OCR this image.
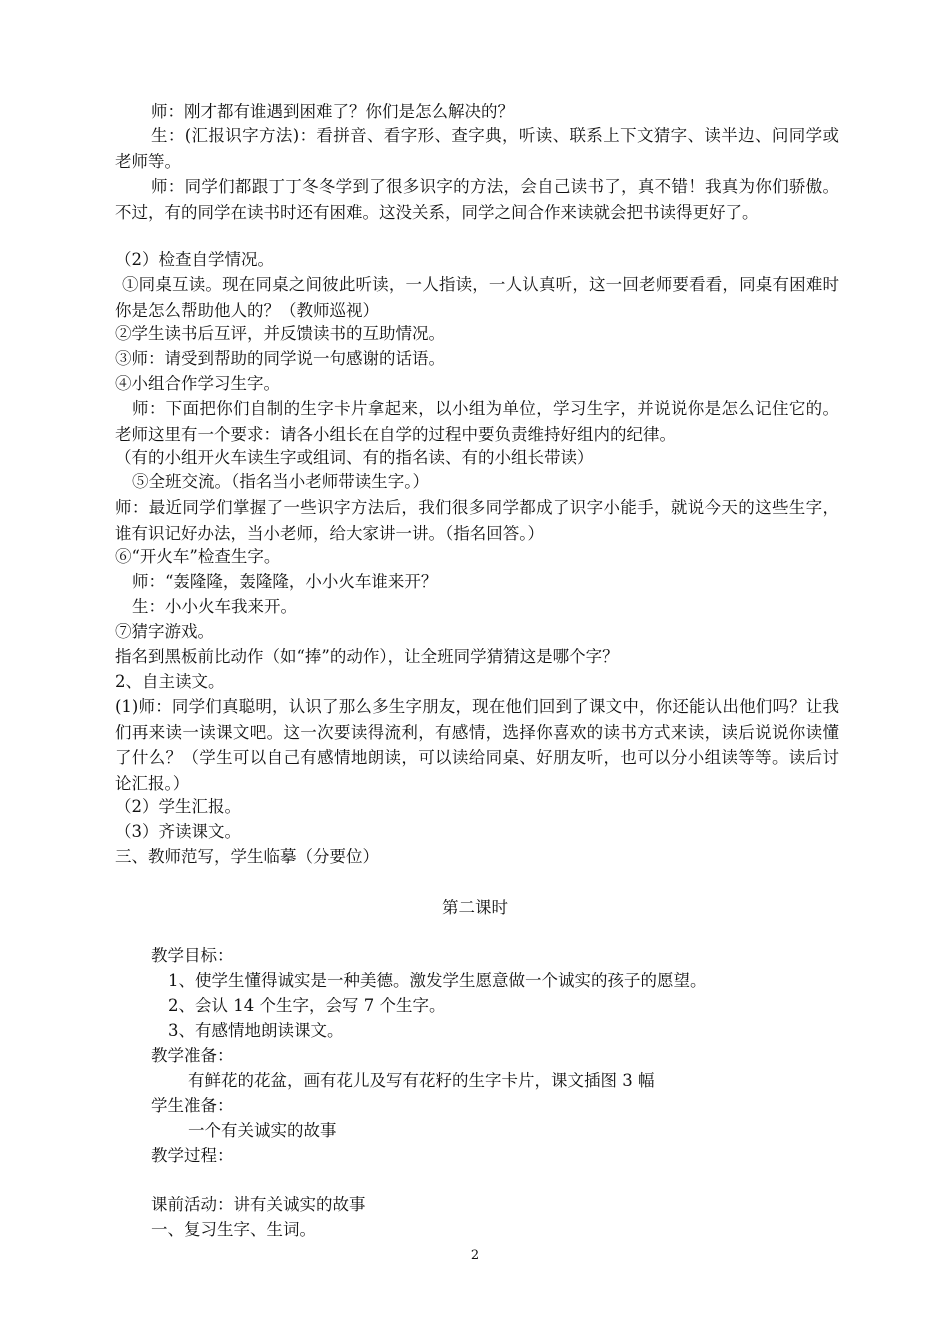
师：刚才都有谁遇到困难了？你们是怎么解决的？

生：(汇报识字方法)：看拼音、看字形、查字典，听读、联系上下文猜字、读半边、问同学或老师等。

师：同学们都跟丁丁冬冬学到了很多识字的方法，会自己读书了，真不错！我真为你们骄傲。不过，有的同学在读书时还有困难。这没关系，同学之间合作来读就会把书读得更好了。

（2）检查自学情况。

①同桌互读。现在同桌之间彼此听读，一人指读，一人认真听，这一回老师要看看，同桌有困难时你是怎么帮助他人的？（教师巡视）

②学生读书后互评，并反馈读书的互助情况。

③师：请受到帮助的同学说一句感谢的话语。

④小组合作学习生字。

师：下面把你们自制的生字卡片拿起来，以小组为单位，学习生字，并说说你是怎么记住它的。老师这里有一个要求：请各小组长在自学的过程中要负责维持好组内的纪律。

（有的小组开火车读生字或组词、有的指名读、有的小组长带读）

⑤全班交流。（指名当小老师带读生字。）

师：最近同学们掌握了一些识字方法后，我们很多同学都成了识字小能手，就说今天的这些生字，谁有识记好办法，当小老师，给大家讲一讲。（指名回答。）

⑥“开火车”检查生字。

师：“轰隆隆，轰隆隆，小小火车谁来开？

生：小小火车我来开。

⑦猜字游戏。

指名到黑板前比动作（如“捧”的动作），让全班同学猜猜这是哪个字？

2、自主读文。

(1)师：同学们真聪明，认识了那么多生字朋友，现在他们回到了课文中，你还能认出他们吗？让我们再来读一读课文吧。这一次要读得流利，有感情，选择你喜欢的读书方式来读，读后说说你读懂了什么？（学生可以自己有感情地朗读，可以读给同桌、好朋友听，也可以分小组读等等。读后讨论汇报。）

（2）学生汇报。

（3）齐读课文。

三、教师范写，学生临摹（分要位）

第二课时

教学目标：

1、使学生懂得诚实是一种美德。激发学生愿意做一个诚实的孩子的愿望。

2、会认 14 个生字，会写 7 个生字。

3、有感情地朗读课文。

教学准备：

有鲜花的花盆，画有花儿及写有花籽的生字卡片，课文插图 3 幅

学生准备：

一个有关诚实的故事

教学过程：

课前活动：讲有关诚实的故事

一、复习生字、生词。

2
